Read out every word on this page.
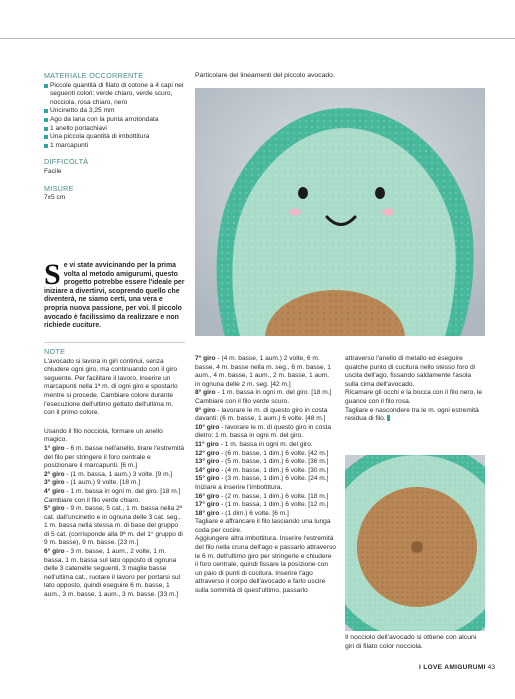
MATERIALE OCCORRENTE
Piccole quantità di filato di cotone a 4 capi nei seguenti colori: verde chiaro, verde scuro, nocciola, rosa chiaro, nero
Uncinetto da 3,25 mm
Ago da lana con la punta arrotondata
1 anello portachiavi
Una piccola quantità di imbottitura
1 marcapunti
DIFFICOLTÀ
Facile
MISURE
7x5 cm
Se vi state avvicinando per la prima volta al metodo amigurumi, questo progetto potrebbe essere l'ideale per iniziare a divertirvi, scoprendo quello che diventerà, ne siamo certi, una vera e propria nuova passione, per voi. Il piccolo avocado è facilissimo da realizzare e non richiede cuciture.
NOTE
L'avocado si lavora in giri continui, senza chiudere ogni giro, ma continuando con il giro seguente. Per facilitare il lavoro, inserire un marcapunti nella 1ª m. di ogni giro e spostarlo mentre si procede. Cambiare colore durante l'esecuzione dell'ultimo gettato dell'ultima m. con il primo colore.
Usando il filo nocciola, formare un anello magico.
1° giro - 6 m. basse nell'anello, tirare l'estremità del filo per stringere il foro centrale e posizionare il marcapunti. [6 m.]
2° giro - (1 m. bassa, 1 aum.) 3 volte. [9 m.]
3° giro - (1 aum.) 9 volte. [18 m.]
4° giro - 1 m. bassa in ogni m. del giro. [18 m.] Cambiare con il filo verde chiaro.
5° giro - 9 m. basse, 5 cat., 1 m. bassa nella 2ª cat. dall'uncinetto e in ognuna delle 3 cat. seg., 1 m. bassa nella stessa m. di base del gruppo di 5 cat. (corrisponde alla 9ª m. del 1° gruppo di 9 m. basse), 9 m. basse. [23 m.]
6° giro - 3 m. basse, 1 aum., 2 volte, 1 m. bassa, 1 m. bassa sul lato opposto di ognuna delle 3 catenelle seguenti, 3 maglie basse nell'ultima cat., ruotare il lavoro per portarsi sul lato opposto, quindi eseguire 6 m. basse, 1 aum., 3 m. basse, 1 aum., 3 m. basse. [33 m.]
7° giro - (4 m. basse, 1 aum.) 2 volte, 6 m. basse, 4 m. basse nella m. seg., 6 m. basse, 1 aum., 4 m. basse, 1 aum., 2 m. basse, 1 aum. in ognuna delle 2 m. seg. [42 m.]
8° giro - 1 m. bassa in ogni m. del giro. [18 m.]
Cambiare con il filo verde scuro.
9° giro - lavorare le m. di questo giro in costa davanti: (6 m. basse, 1 aum.) 6 volte. [48 m.]
10° giro - lavorare le m. di questo giro in costa dietro: 1 m. bassa in ogni m. del giro.
11° giro - 1 m. bassa in ogni m. del giro.
12° giro - (6 m. basse, 1 dim.) 6 volte. [42 m.]
13° giro - (5 m. basse, 1 dim.) 6 volte. [36 m.]
14° giro - (4 m. basse, 1 dim.) 6 volte. [30 m.]
15° giro - (3 m. basse, 1 dim.) 6 volte. [24 m.] Iniziare a inserire l'imbottitura.
16° giro - (2 m. basse, 1 dim.) 6 volte. [18 m.]
17° giro - (1 m. bassa, 1 dim.) 6 volte. [12 m.]
18° giro - (1 dim.) 6 volte. [6 m.]
Tagliare e affrancare il filo lasciando una lunga coda per cucire.
Aggiungere altra imbottitura. Inserire l'estremità del filo nella cruna dell'ago e passarlo attraverso le 6 m. dell'ultimo giro per stringerle e chiudere il foro centrale, quindi fissare la posizione con un paio di punti di cucitura. Inserire l'ago attraverso il corpo dell'avocado e farlo uscire sulla sommità di quest'ultimo, passarlo
attraverso l'anello di metallo ed eseguire qualche punto di cucitura nello stesso foro di uscita dell'ago, fissando saldamente l'asola sulla cima dell'avocado.
Ricamare gli occhi e la bocca con il filo nero, le guance con il filo rosa.
Tagliare e nascondere tra le m. ogni estremità residua di filo.
Particolare dei lineamenti del piccolo avocado.
Il nocciolo dell'avocado si ottiene con alcuni giri di filato color nocciola.
I LOVE AMIGURUMI 43
